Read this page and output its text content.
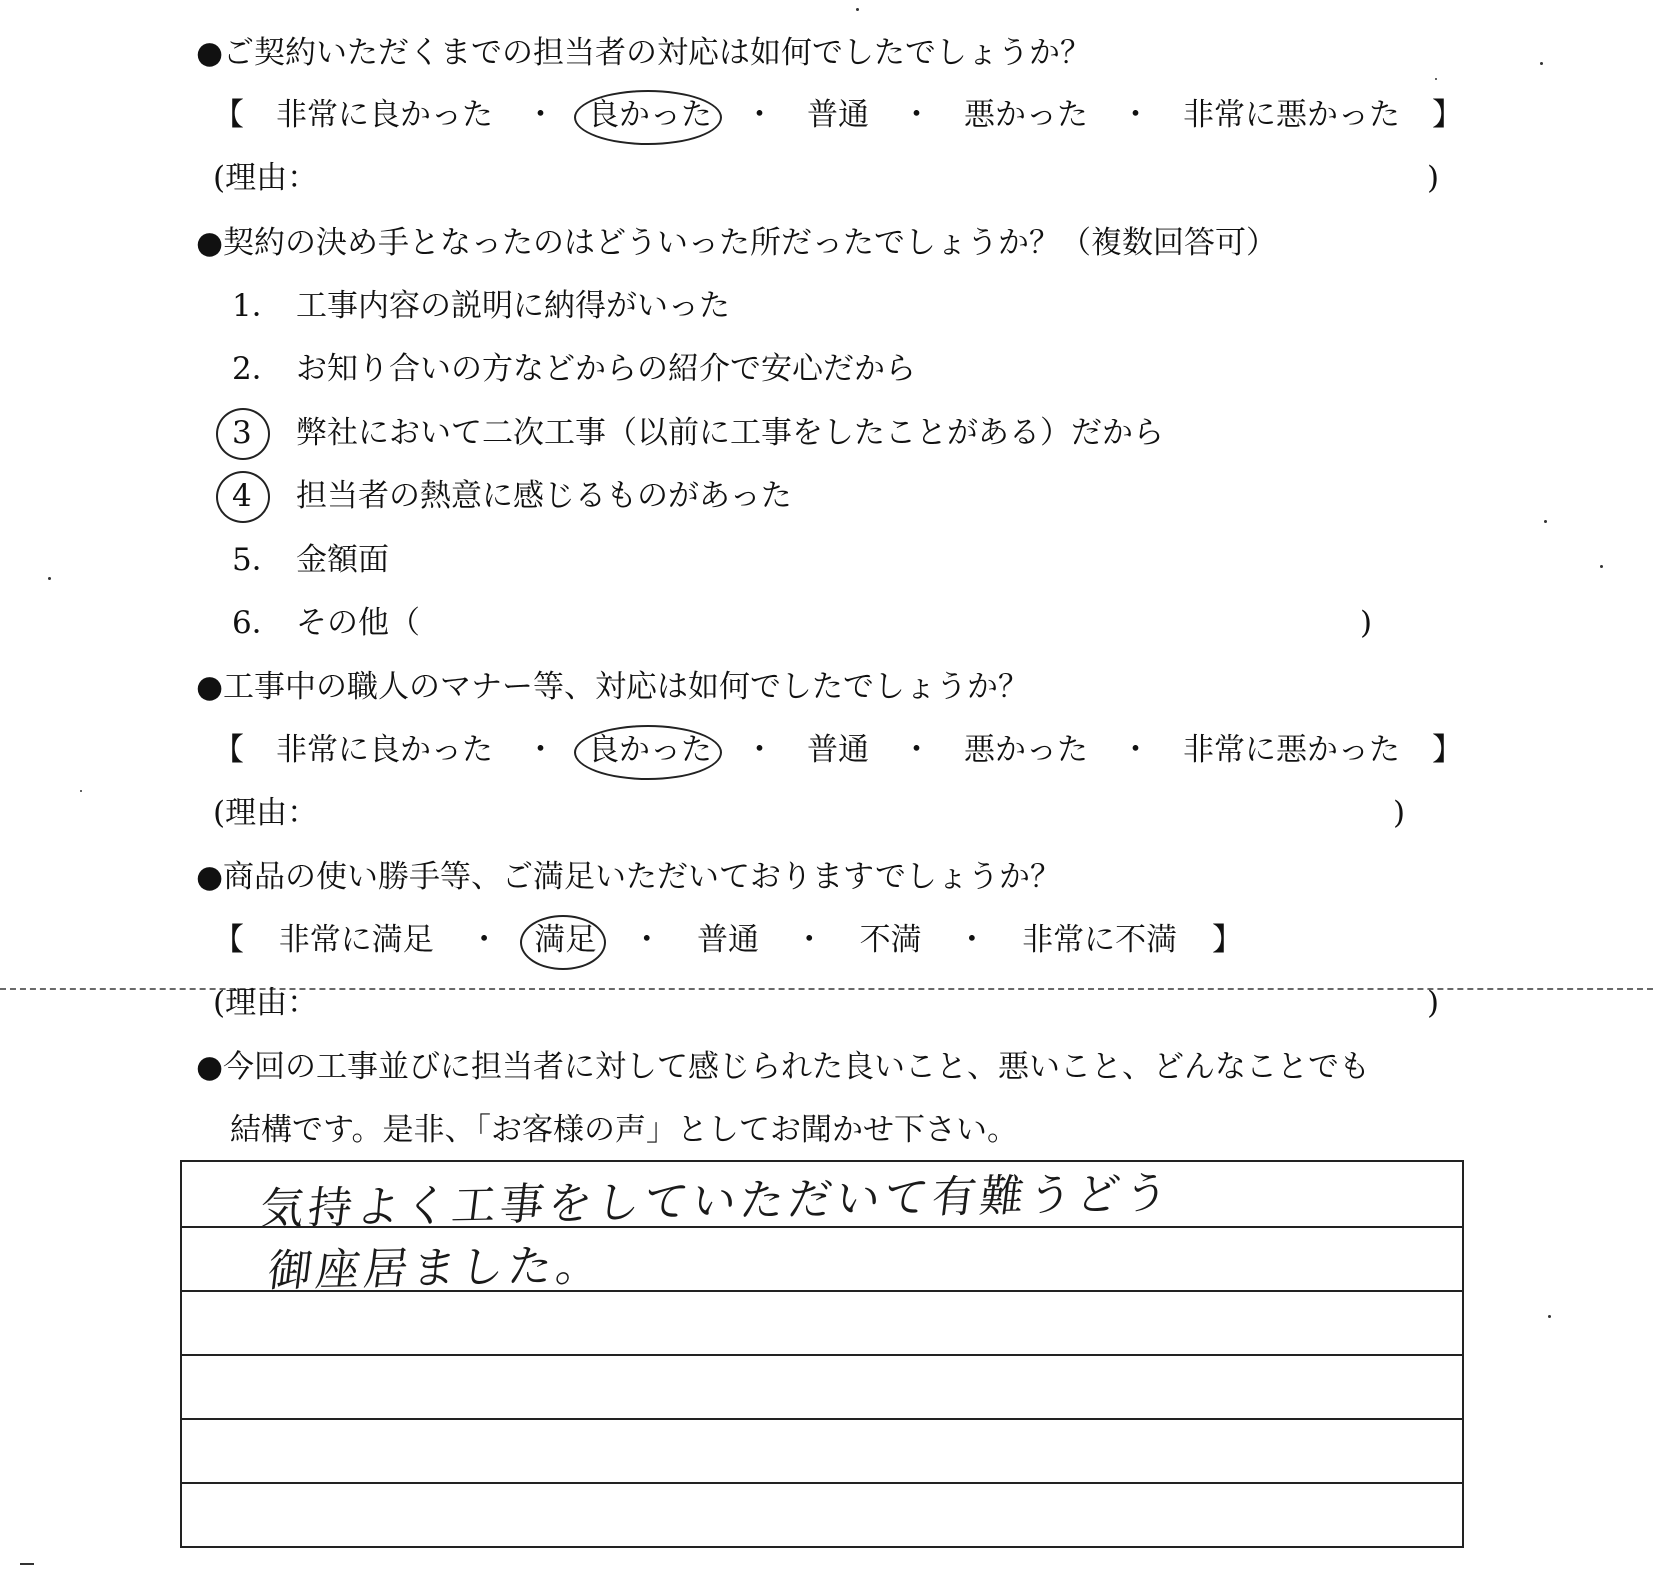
●ご契約いただくまでの担当者の対応は如何でしたでしょうか？
【 非常に良かった ・ 良かった ・ 普通 ・ 悪かった ・ 非常に悪かった 】
(理由：	)
●契約の決め手となったのはどういった所だったでしょうか？（複数回答可）
1． 工事内容の説明に納得がいった
2． お知り合いの方などからの紹介で安心だから
3	弊社において二次工事（以前に工事をしたことがある）だから
4	担当者の熱意に感じるものがあった
5． 金額面
6． その他（	)
●工事中の職人のマナー等、対応は如何でしたでしょうか？
【 非常に良かった ・ 良かった ・ 普通 ・ 悪かった ・ 非常に悪かった 】
(理由：	)
●商品の使い勝手等、ご満足いただいておりますでしょうか？
【 非常に満足 ・ 満足 ・ 普通 ・ 不満 ・ 非常に不満 】
(理由：	)
●今回の工事並びに担当者に対して感じられた良いこと、悪いこと、どんなことでも
結構です。是非、「お客様の声」としてお聞かせ下さい。
気持よく工事をしていただいて有難うどう
御座居ました。
